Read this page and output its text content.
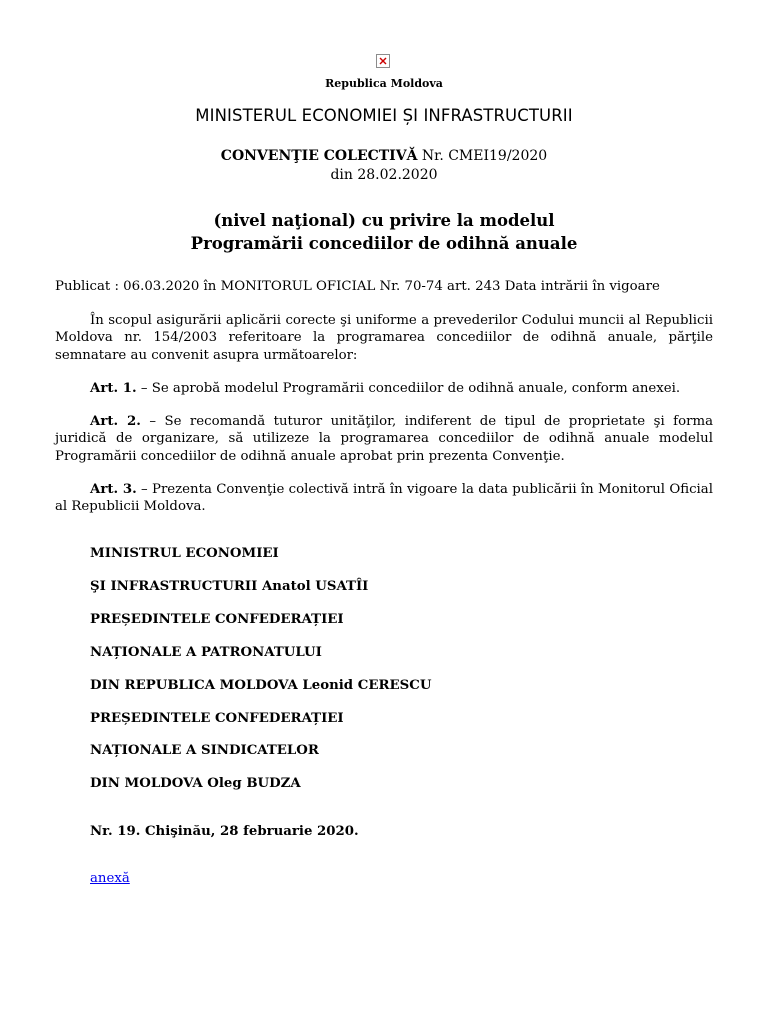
Republica Moldova
MINISTERUL ECONOMIEI ȘI INFRASTRUCTURII
CONVENŢIE COLECTIVĂ Nr. CMEI19/2020
din 28.02.2020
(nivel naţional) cu privire la modelul
Programării concediilor de odihnă anuale
Publicat : 06.03.2020 în MONITORUL OFICIAL Nr. 70-74 art. 243 Data intrării în vigoare
În scopul asigurării aplicării corecte şi uniforme a prevederilor Codului muncii al Republicii Moldova nr. 154/2003 referitoare la programarea concediilor de odihnă anuale, părţile semnatare au convenit asupra următoarelor:
Art. 1. – Se aprobă modelul Programării concediilor de odihnă anuale, conform anexei.
Art. 2. – Se recomandă tuturor unităţilor, indiferent de tipul de proprietate şi forma juridică de organizare, să utilizeze la programarea concediilor de odihnă anuale modelul Programării concediilor de odihnă anuale aprobat prin prezenta Convenţie.
Art. 3. – Prezenta Convenţie colectivă intră în vigoare la data publicării în Monitorul Oficial al Republicii Moldova.
MINISTRUL ECONOMIEI
ŞI INFRASTRUCTURII Anatol USATÎI
PREȘEDINTELE CONFEDERAȚIEI
NAȚIONALE A PATRONATULUI
DIN REPUBLICA MOLDOVA Leonid CERESCU
PREȘEDINTELE CONFEDERAȚIEI
NAȚIONALE A SINDICATELOR
DIN MOLDOVA Oleg BUDZA
Nr. 19. Chişinău, 28 februarie 2020.
anexă
